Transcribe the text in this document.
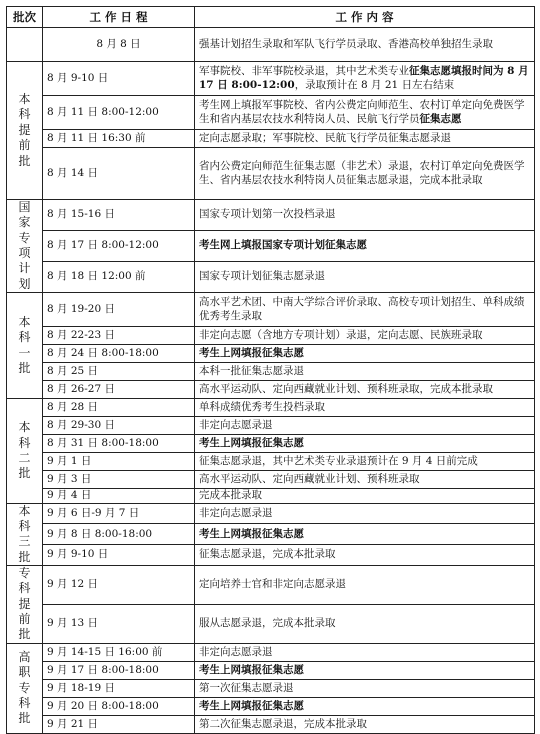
批次	工 作 日 程	工 作 内 容
	8 月 8 日	强基计划招生录取和军队飞行学员录取、香港高校单独招生录取
本科提前批	8 月 9-10 日	军事院校、非军事院校录退，其中艺术类专业征集志愿填报时间为 8 月 17 日 8:00-12:00，录取预计在 8 月 21 日左右结束
	8 月 11 日 8:00-12:00	考生网上填报军事院校、省内公费定向师范生、农村订单定向免费医学生和省内基层农技水利特岗人员、民航飞行学员征集志愿
	8 月 11 日 16:30 前	定向志愿录取；军事院校、民航飞行学员征集志愿录退
	8 月 14 日	省内公费定向师范生征集志愿（非艺术）录退，农村订单定向免费医学生、省内基层农技水利特岗人员征集志愿录退，完成本批录取
国家专项计划	8 月 15-16 日	国家专项计划第一次投档录退
	8 月 17 日 8:00-12:00	考生网上填报国家专项计划征集志愿
	8 月 18 日 12:00 前	国家专项计划征集志愿录退
本科一批	8 月 19-20 日	高水平艺术团、中南大学综合评价录取、高校专项计划招生、单科成绩优秀考生录取
	8 月 22-23 日	非定向志愿（含地方专项计划）录退，定向志愿、民族班录取
	8 月 24 日 8:00-18:00	考生上网填报征集志愿
	8 月 25 日	本科一批征集志愿录退
	8 月 26-27 日	高水平运动队、定向西藏就业计划、预科班录取，完成本批录取
本科二批	8 月 28 日	单科成绩优秀考生投档录取
	8 月 29-30 日	非定向志愿录退
	8 月 31 日 8:00-18:00	考生上网填报征集志愿
	9 月 1 日	征集志愿录退，其中艺术类专业录退预计在 9 月 4 日前完成
	9 月 3 日	高水平运动队、定向西藏就业计划、预科班录取
	9 月 4 日	完成本批录取
本科三批	9 月 6 日-9 月 7 日	非定向志愿录退
	9 月 8 日 8:00-18:00	考生上网填报征集志愿
	9 月 9-10 日	征集志愿录退，完成本批录取
专科提前批	9 月 12 日	定向培养士官和非定向志愿录退
	9 月 13 日	服从志愿录退，完成本批录取
高职专科批	9 月 14-15 日 16:00 前	非定向志愿录退
	9 月 17 日 8:00-18:00	考生上网填报征集志愿
	9 月 18-19 日	第一次征集志愿录退
	9 月 20 日 8:00-18:00	考生上网填报征集志愿
	9 月 21 日	第二次征集志愿录退，完成本批录取
